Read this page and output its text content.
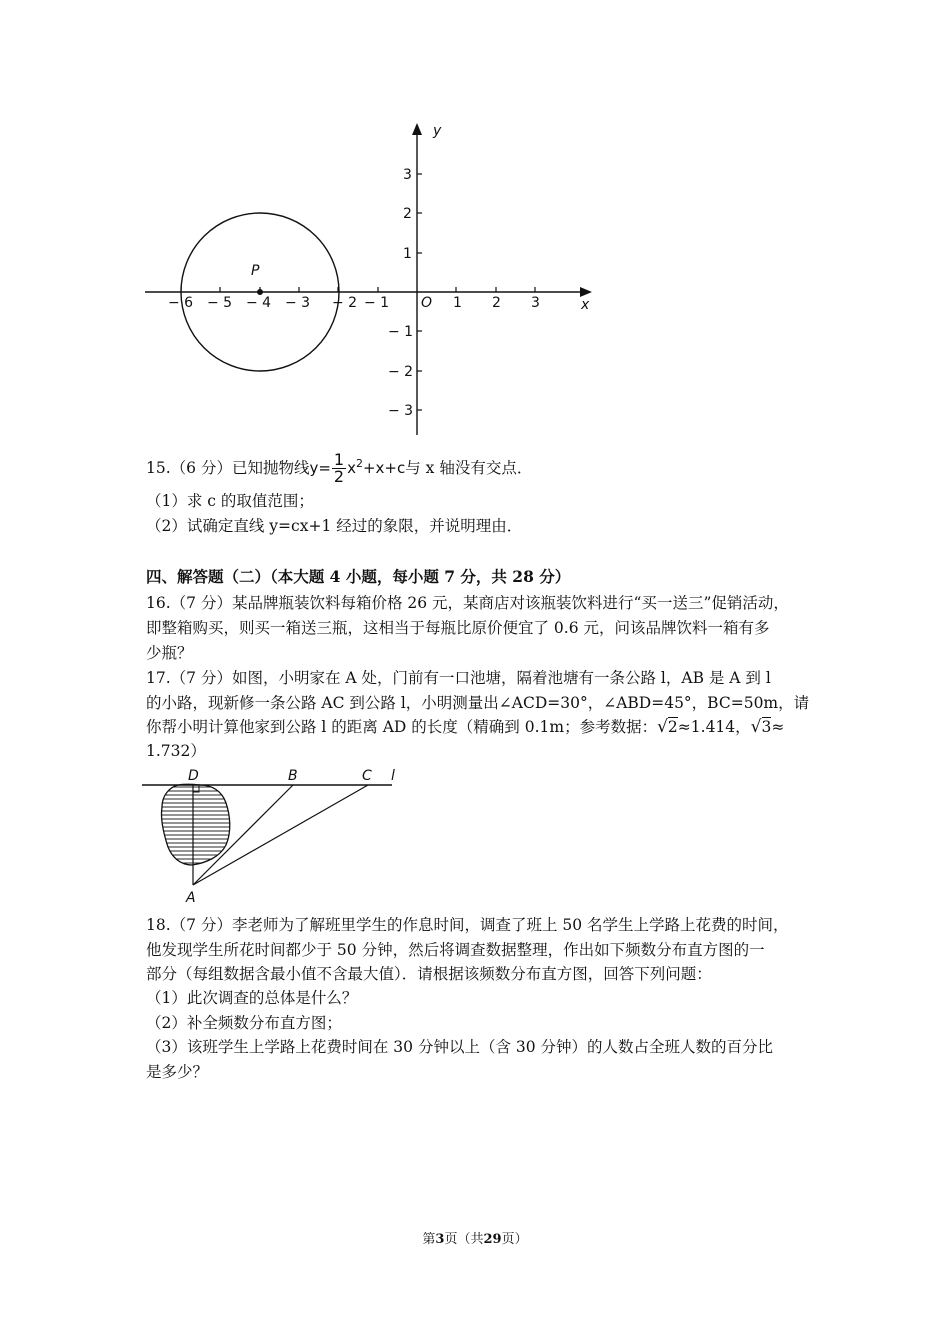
y
x
O
P
− 6 − 5 − 4 − 3 − 2 − 1	1 2 3
3
2
1
− 1
− 2
− 3
15.（6 分）已知抛物线$y= \frac{1}{2} x^2+x+c$与 x 轴没有交点．
（1）求 c 的取值范围；
（2）试确定直线 y=cx+1 经过的象限，并说明理由．
四、解答题（二）（本大题 4 小题，每小题 7 分，共 28 分）
16.（7 分）某品牌瓶装饮料每箱价格 26 元，某商店对该瓶装饮料进行“买一送三”促销活动，
即整箱购买，则买一箱送三瓶，这相当于每瓶比原价便宜了 0.6 元，问该品牌饮料一箱有多
少瓶？
17.（7 分）如图，小明家在 A 处，门前有一口池塘，隔着池塘有一条公路 l，AB 是 A 到 l
的小路，现新修一条公路 AC 到公路 l，小明测量出∠ACD=30°，∠ABD=45°，BC=50m，请
你帮小明计算他家到公路 l 的距离 AD 的长度（精确到 0.1m；参考数据：√2≈1.414，√3≈
1.732）
D	B	C l
A
18.（7 分）李老师为了解班里学生的作息时间，调查了班上 50 名学生上学路上花费的时间，
他发现学生所花时间都少于 50 分钟，然后将调查数据整理，作出如下频数分布直方图的一
部分（每组数据含最小值不含最大值）．请根据该频数分布直方图，回答下列问题：
（1）此次调查的总体是什么？
（2）补全频数分布直方图；
（3）该班学生上学路上花费时间在 30 分钟以上（含 30 分钟）的人数占全班人数的百分比
是多少？
第3页（共29页）
